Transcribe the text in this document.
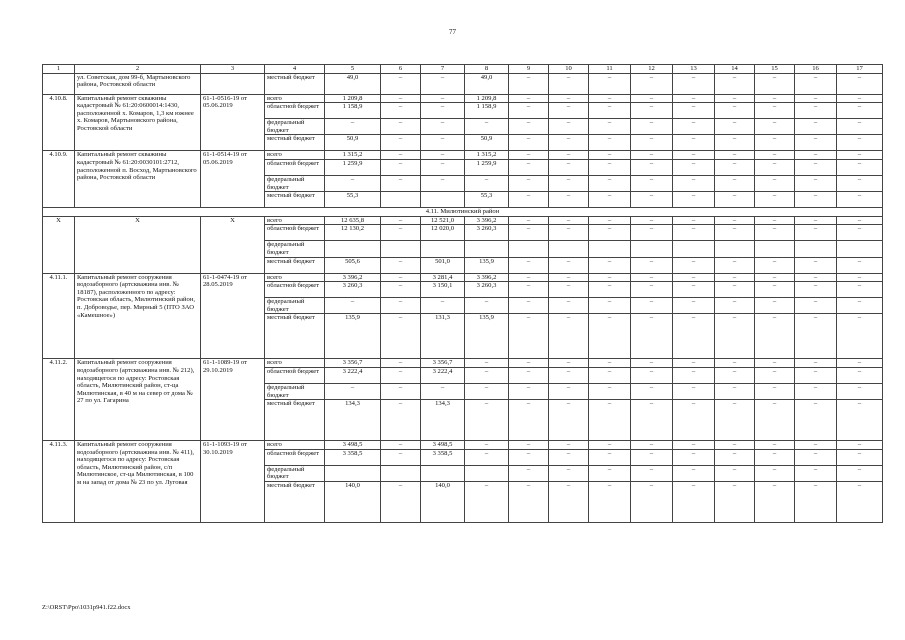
77
1	2	3	4	5	6	7	8	9	10	11	12	13	14	15	16	17
	ул. Советская, дом 99-б, Мартыновского района, Ростовской области		местный бюджет	49,0	–	–	49,0	–	–	–	–	–	–	–	–	–
4.10.8.	Капитальный ремонт скважины кадастровый № 61:20:0600014:1430, расположенной х. Комаров, 1,3 км южнее х. Комаров, Мартыновского района, Ростовской области	61-1-0516-19 от 05.06.2019	всего	1 209,8	–	–	1 209,8	–	–	–	–	–	–	–	–	–
			областной бюджет	1 158,9	–	–	1 158,9	–	–	–	–	–	–	–	–	–
			федеральный бюджет	–	–	–	–	–	–	–	–	–	–	–	–	–
			местный бюджет	50,9	–	–	50,9	–	–	–	–	–	–	–	–	–
4.10.9.	Капитальный ремонт скважины кадастровый № 61:20:0030101:2712, расположенной п. Восход, Мартыновского района, Ростовской области	61-1-0514-19 от 05.06.2019	всего	1 315,2	–	–	1 315,2	–	–	–	–	–	–	–	–	–
			областной бюджет	1 259,9	–	–	1 259,9	–	–	–	–	–	–	–	–	–
			федеральный бюджет	–	–	–	–	–	–	–	–	–	–	–	–	–
			местный бюджет	55,3			55,3	–	–	–	–	–	–	–	–	–
4.11. Милютинский район																
Х	Х	Х	всего	12 635,8	–	12 521,0	3 396,2	–	–	–	–	–	–	–	–	–
			областной бюджет	12 130,2	–	12 020,0	3 260,3	–	–	–	–	–	–	–	–	–
			федеральный бюджет													
			местный бюджет	505,6	–	501,0	135,9	–	–	–	–	–	–	–	–	–
4.11.1.	Капитальный ремонт сооружения водозаборного (артскважина инв. № 18187), расположенного по адресу: Ростовская область, Милютинский район, п. Доброводье, пер. Мирный 5 (ПТО ЗАО «Камешное»)	61-1-0474-19 от 28.05.2019	всего	3 396,2	–	3 281,4	3 396,2	–	–	–	–	–	–	–	–	–
			областной бюджет	3 260,3	–	3 150,1	3 260,3	–	–	–	–	–	–	–	–	–
			федеральный бюджет	–	–	–	–	–	–	–	–	–	–	–	–	–
			местный бюджет	135,9	–	131,3	135,9	–	–	–	–	–	–	–	–	–
4.11.2.	Капитальный ремонт сооружения водозаборного (артскважина инв. № 212), находящегося по адресу: Ростовская область, Милютинский район, ст-ца Милютинская, в 40 м на север от дома № 27 по ул. Гагарина	61-1-1089-19 от 29.10.2019	всего	3 356,7	–	3 356,7	–	–	–	–	–	–	–	–	–	–
			областной бюджет	3 222,4	–	3 222,4	–	–	–	–	–	–	–	–	–	–
			федеральный бюджет	–	–	–	–	–	–	–	–	–	–	–	–	–
			местный бюджет	134,3	–	134,3	–	–	–	–	–	–	–	–	–	–
4.11.3.	Капитальный ремонт сооружения водозаборного (артскважина инв. № 411), находящегося по адресу: Ростовская область, Милютинский район, с/п Милютинское, ст-ца Милютинская, в 100 м на запад от дома № 23 по ул. Луговая	61-1-1093-19 от 30.10.2019	всего	3 498,5	–	3 498,5	–	–	–	–	–	–	–	–	–	–
			областной бюджет	3 358,5	–	3 358,5	–	–	–	–	–	–	–	–	–	–
			федеральный бюджет					–	–	–	–	–	–	–	–	–
			местный бюджет	140,0	–	140,0	–	–	–	–	–	–	–	–	–	–
Z:\ORST\Ppo\1031p941.f22.docx
